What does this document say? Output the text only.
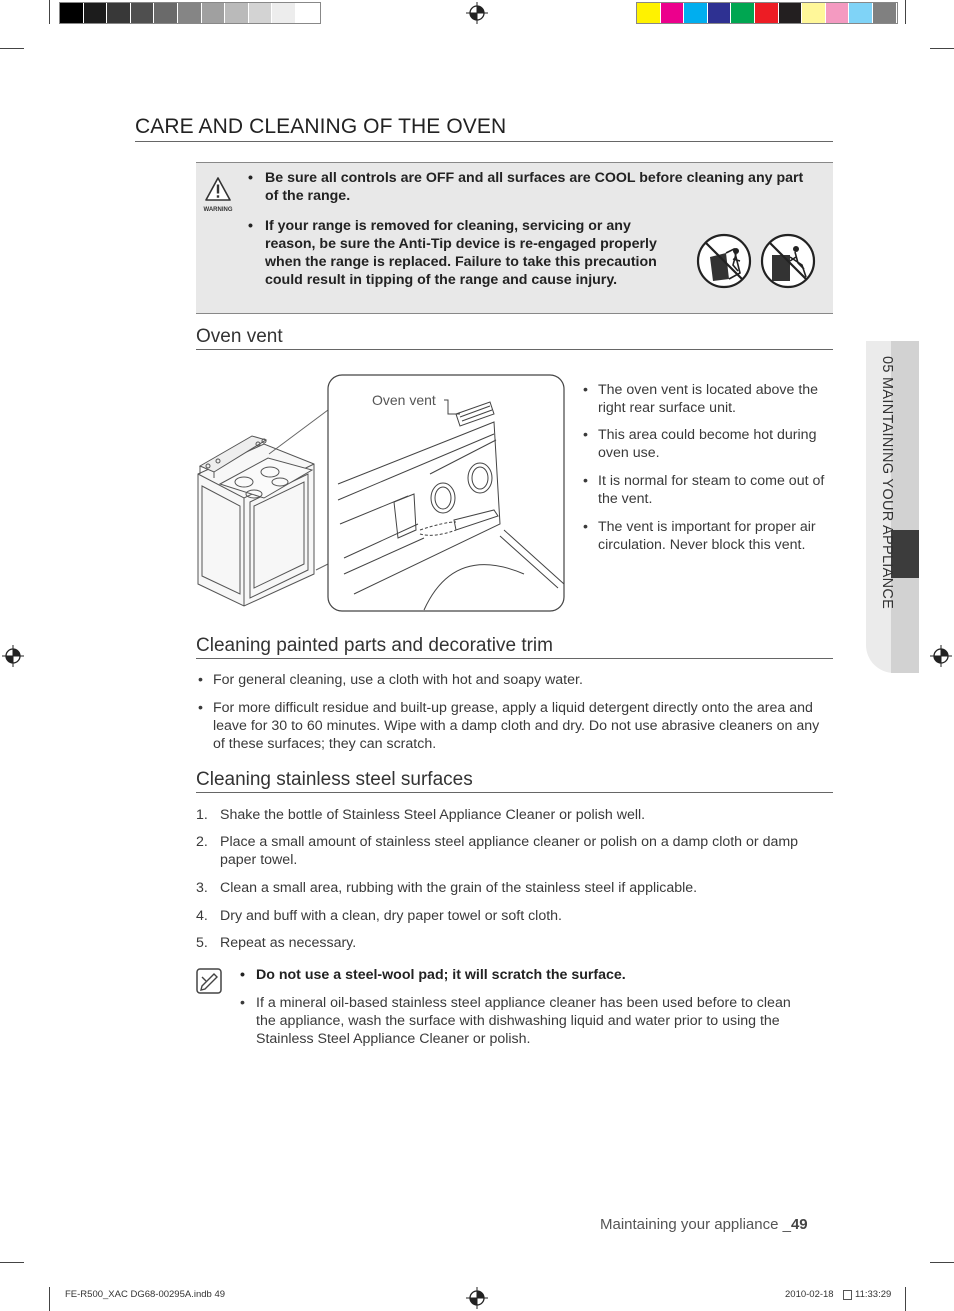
CARE AND CLEANING OF THE OVEN
WARNING
• Be sure all controls are OFF and all surfaces are COOL before cleaning any part of the range.
• If your range is removed for cleaning, servicing or any reason, be sure the Anti-Tip device is re-engaged properly when the range is replaced. Failure to take this precaution could result in tipping of the range and cause injury.
Oven vent
Oven vent
• The oven vent is located above the right rear surface unit.
• This area could become hot during oven use.
• It is normal for steam to come out of the vent.
• The vent is important for proper air circulation. Never block this vent.
Cleaning painted parts and decorative trim
• For general cleaning, use a cloth with hot and soapy water.
• For more difficult residue and built-up grease, apply a liquid detergent directly onto the area and leave for 30 to 60 minutes. Wipe with a damp cloth and dry. Do not use abrasive cleaners on any of these surfaces; they can scratch.
Cleaning stainless steel surfaces
1. Shake the bottle of Stainless Steel Appliance Cleaner or polish well.
2. Place a small amount of stainless steel appliance cleaner or polish on a damp cloth or damp paper towel.
3. Clean a small area, rubbing with the grain of the stainless steel if applicable.
4. Dry and buff with a clean, dry paper towel or soft cloth.
5. Repeat as necessary.
• Do not use a steel-wool pad; it will scratch the surface.
• If a mineral oil-based stainless steel appliance cleaner has been used before to clean the appliance, wash the surface with dishwashing liquid and water prior to using the Stainless Steel Appliance Cleaner or polish.
05 MAINTAINING YOUR APPLIANCE
Maintaining your appliance _49
FE-R500_XAC DG68-00295A.indb 49	2010-02-18 11:33:29
